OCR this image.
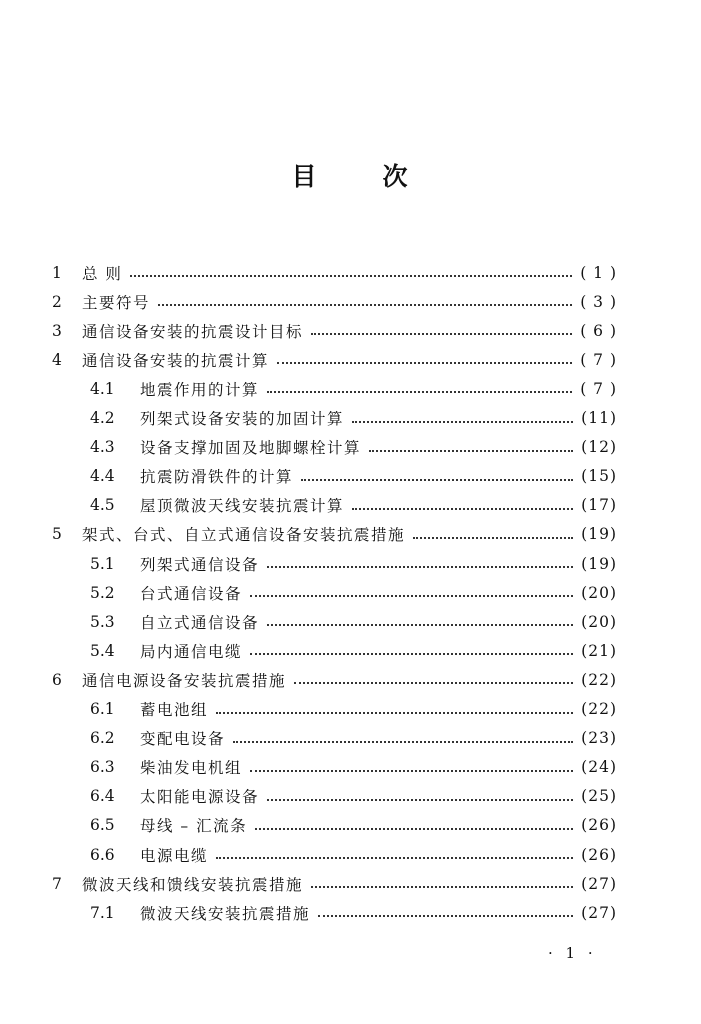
目	次
1 总 则	( 1 )
2 主要符号	( 3 )
3 通信设备安装的抗震设计目标	( 6 )
4 通信设备安装的抗震计算	( 7 )
4.1 地震作用的计算	( 7 )
4.2 列架式设备安装的加固计算	(11)
4.3 设备支撑加固及地脚螺栓计算	(12)
4.4 抗震防滑铁件的计算	(15)
4.5 屋顶微波天线安装抗震计算	(17)
5 架式、台式、自立式通信设备安装抗震措施	(19)
5.1 列架式通信设备	(19)
5.2 台式通信设备	(20)
5.3 自立式通信设备	(20)
5.4 局内通信电缆	(21)
6 通信电源设备安装抗震措施	(22)
6.1 蓄电池组	(22)
6.2 变配电设备	(23)
6.3 柴油发电机组	(24)
6.4 太阳能电源设备	(25)
6.5 母线 – 汇流条	(26)
6.6 电源电缆	(26)
7 微波天线和馈线安装抗震措施	(27)
7.1 微波天线安装抗震措施	(27)
· 1 ·
